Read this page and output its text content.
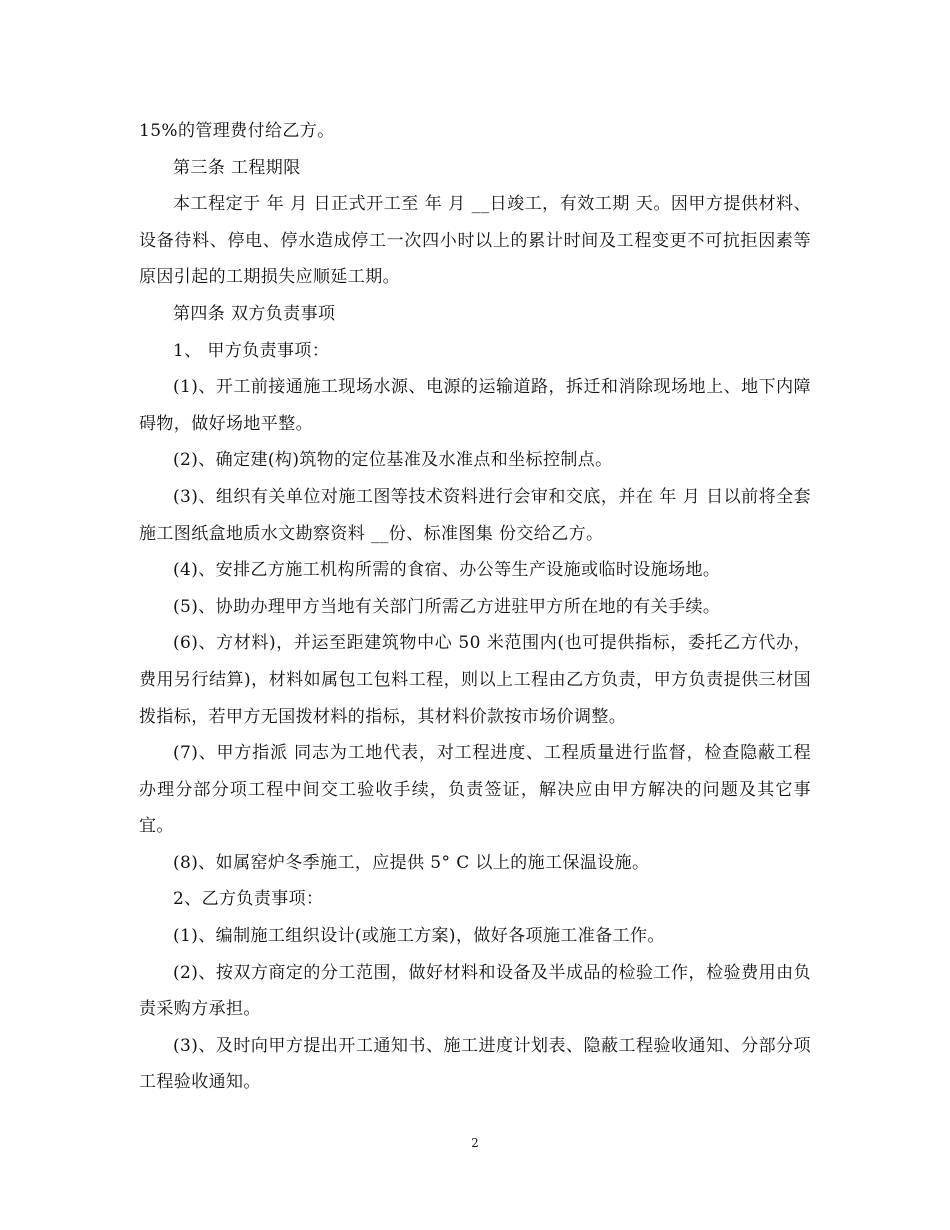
15%的管理费付给乙方。

第三条 工程期限

本工程定于 年 月 日正式开工至 年 月 __日竣工，有效工期 天。因甲方提供材料、设备待料、停电、停水造成停工一次四小时以上的累计时间及工程变更不可抗拒因素等原因引起的工期损失应顺延工期。

第四条 双方负责事项

1、 甲方负责事项：

(1)、开工前接通施工现场水源、电源的运输道路，拆迁和消除现场地上、地下内障碍物，做好场地平整。

(2)、确定建(构)筑物的定位基准及水准点和坐标控制点。

(3)、组织有关单位对施工图等技术资料进行会审和交底，并在 年 月 日以前将全套施工图纸盒地质水文勘察资料 __份、标准图集 份交给乙方。

(4)、安排乙方施工机构所需的食宿、办公等生产设施或临时设施场地。

(5)、协助办理甲方当地有关部门所需乙方进驻甲方所在地的有关手续。

(6)、方材料)，并运至距建筑物中心 50 米范围内(也可提供指标，委托乙方代办，费用另行结算)，材料如属包工包料工程，则以上工程由乙方负责，甲方负责提供三材国拨指标，若甲方无国拨材料的指标，其材料价款按市场价调整。

(7)、甲方指派 同志为工地代表，对工程进度、工程质量进行监督，检查隐蔽工程办理分部分项工程中间交工验收手续，负责签证，解决应由甲方解决的问题及其它事宜。

(8)、如属窑炉冬季施工，应提供 5° C 以上的施工保温设施。

2、乙方负责事项：

(1)、编制施工组织设计(或施工方案)，做好各项施工准备工作。

(2)、按双方商定的分工范围，做好材料和设备及半成品的检验工作，检验费用由负责采购方承担。

(3)、及时向甲方提出开工通知书、施工进度计划表、隐蔽工程验收通知、分部分项工程验收通知。

2
